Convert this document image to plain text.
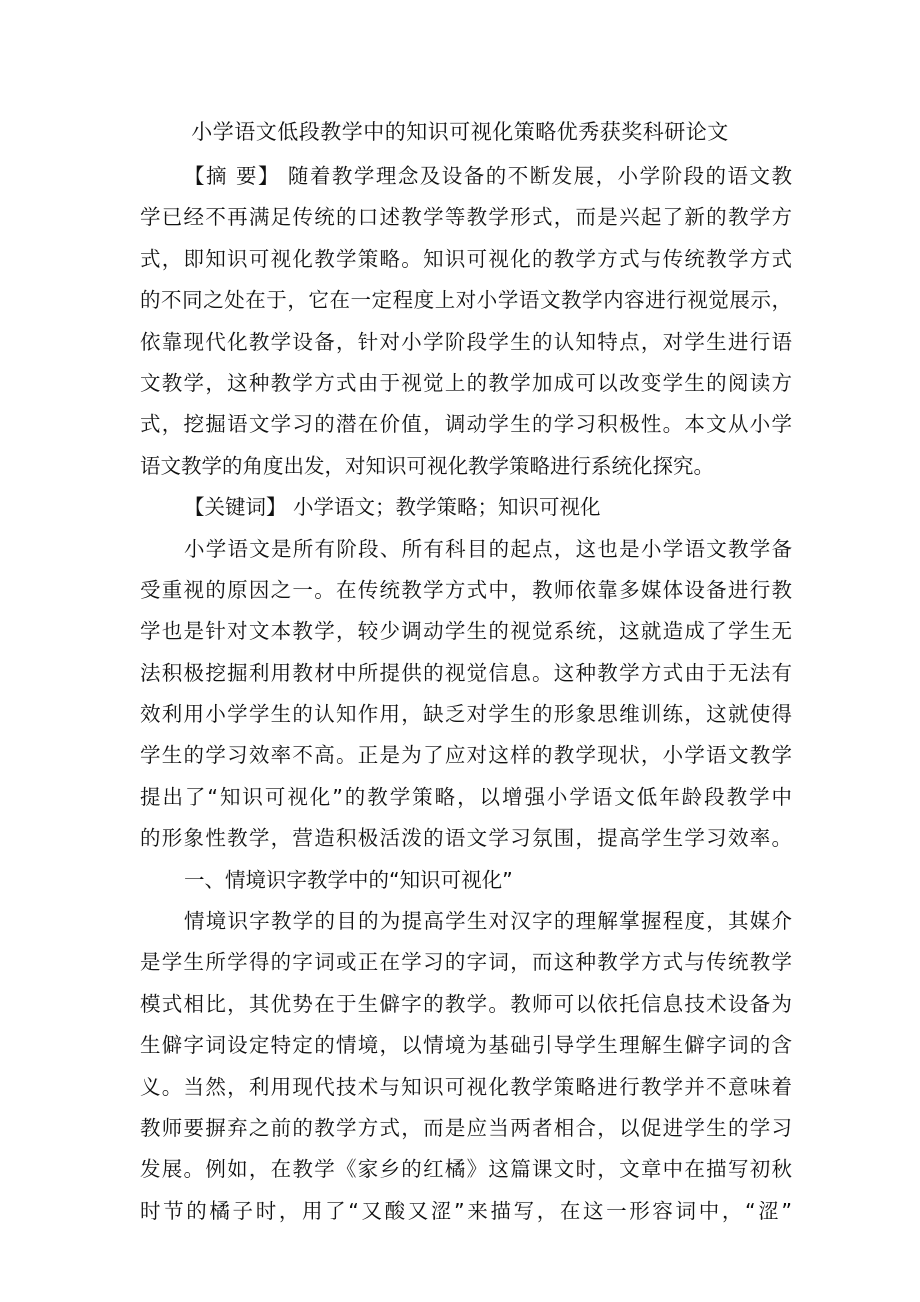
小学语文低段教学中的知识可视化策略优秀获奖科研论文
【摘 要】 随着教学理念及设备的不断发展，小学阶段的语文教
学已经不再满足传统的口述教学等教学形式，而是兴起了新的教学方
式，即知识可视化教学策略。知识可视化的教学方式与传统教学方式
的不同之处在于，它在一定程度上对小学语文教学内容进行视觉展示，
依靠现代化教学设备，针对小学阶段学生的认知特点，对学生进行语
文教学，这种教学方式由于视觉上的教学加成可以改变学生的阅读方
式，挖掘语文学习的潜在价值，调动学生的学习积极性。本文从小学
语文教学的角度出发，对知识可视化教学策略进行系统化探究。
【关键词】 小学语文；教学策略；知识可视化
小学语文是所有阶段、所有科目的起点，这也是小学语文教学备
受重视的原因之一。在传统教学方式中，教师依靠多媒体设备进行教
学也是针对文本教学，较少调动学生的视觉系统，这就造成了学生无
法积极挖掘利用教材中所提供的视觉信息。这种教学方式由于无法有
效利用小学学生的认知作用，缺乏对学生的形象思维训练，这就使得
学生的学习效率不高。正是为了应对这样的教学现状，小学语文教学
提出了“知识可视化”的教学策略，以增强小学语文低年龄段教学中
的形象性教学，营造积极活泼的语文学习氛围，提高学生学习效率。
一、情境识字教学中的“知识可视化”
情境识字教学的目的为提高学生对汉字的理解掌握程度，其媒介
是学生所学得的字词或正在学习的字词，而这种教学方式与传统教学
模式相比，其优势在于生僻字的教学。教师可以依托信息技术设备为
生僻字词设定特定的情境，以情境为基础引导学生理解生僻字词的含
义。当然，利用现代技术与知识可视化教学策略进行教学并不意味着
教师要摒弃之前的教学方式，而是应当两者相合，以促进学生的学习
发展。例如，在教学《家乡的红橘》这篇课文时，文章中在描写初秋
时节的橘子时，用了“又酸又涩”来描写，在这一形容词中，“涩”
